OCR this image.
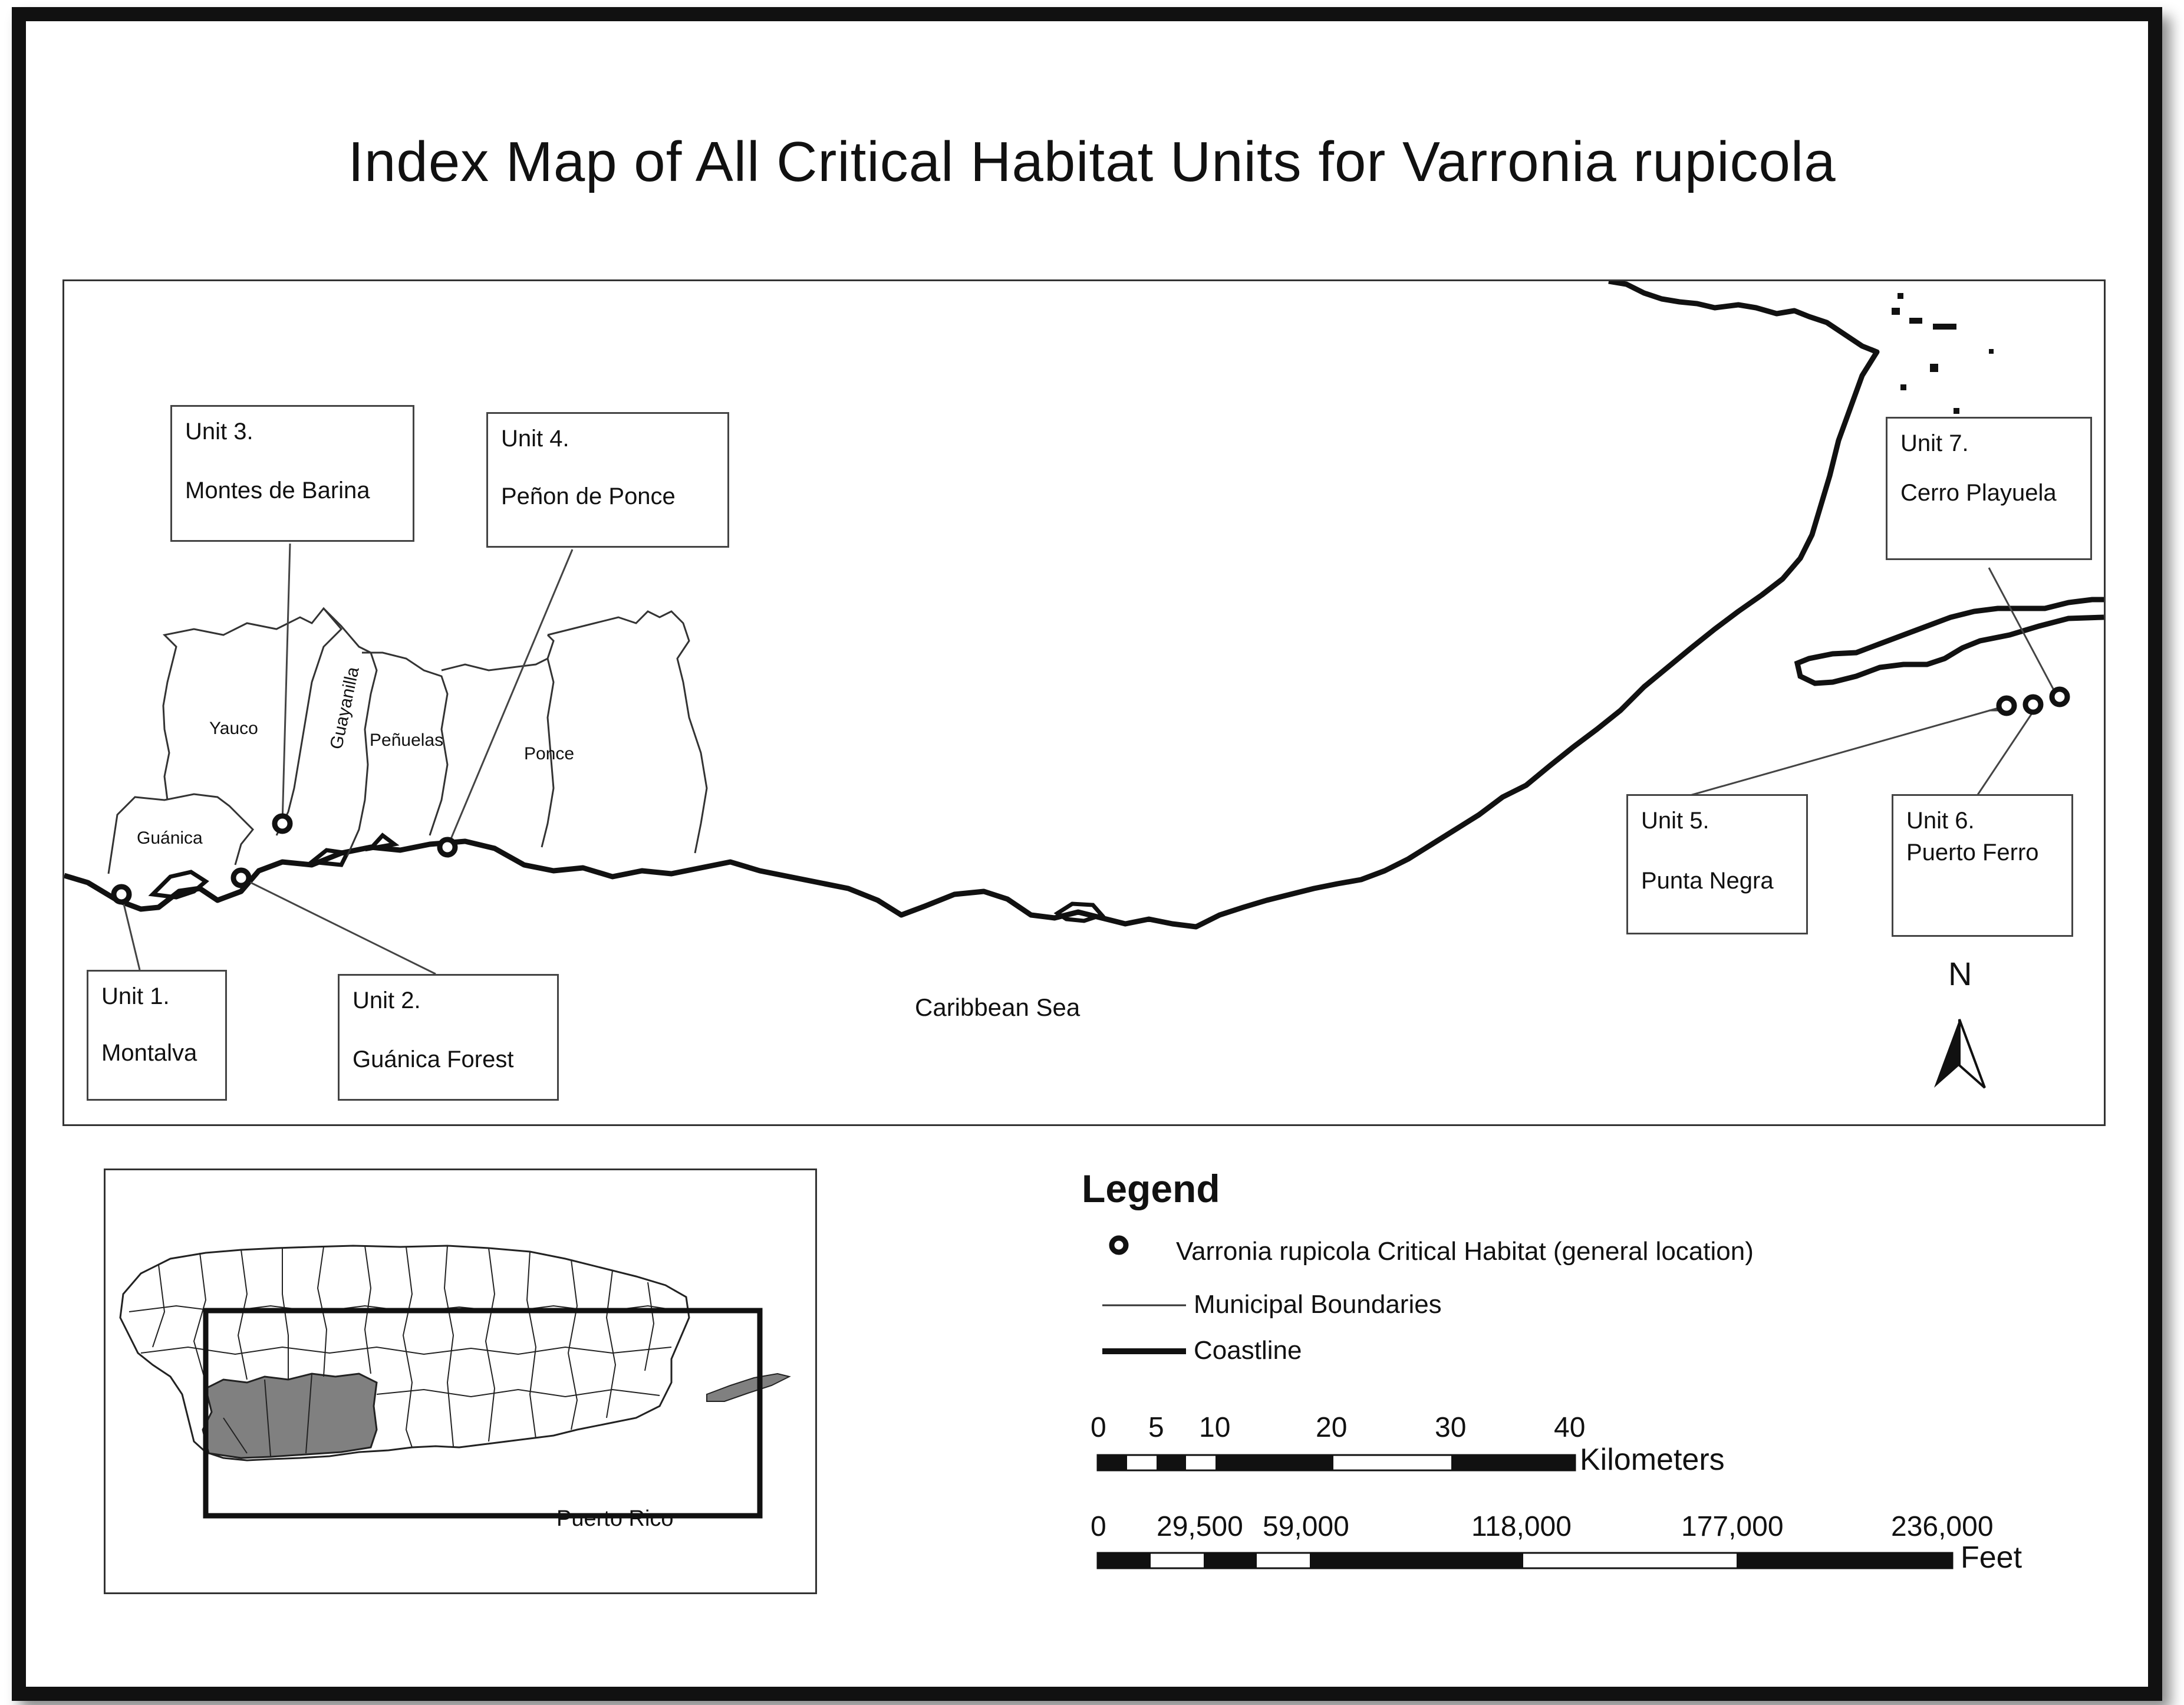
Index Map of All Critical Habitat Units for Varronia rupicola
Guánica
Yauco	Guayanilla Peñuelas
Ponce
Caribbean Sea
N
Unit 1.
Montalva
Unit 2.
Guánica Forest
Unit 3.
Montes de Barina
Unit 4.
Peñon de Ponce
Unit 5.
Punta Negra
Unit 6.
Puerto Ferro
Unit 7.
Cerro Playuela
Puerto Rico
Legend
Varronia rupicola Critical Habitat (general location)
Municipal Boundaries
Coastline
0 5 10	20	30	40
Kilometers
0 29,500 59,000	118,000	177,000	236,000
Feet
